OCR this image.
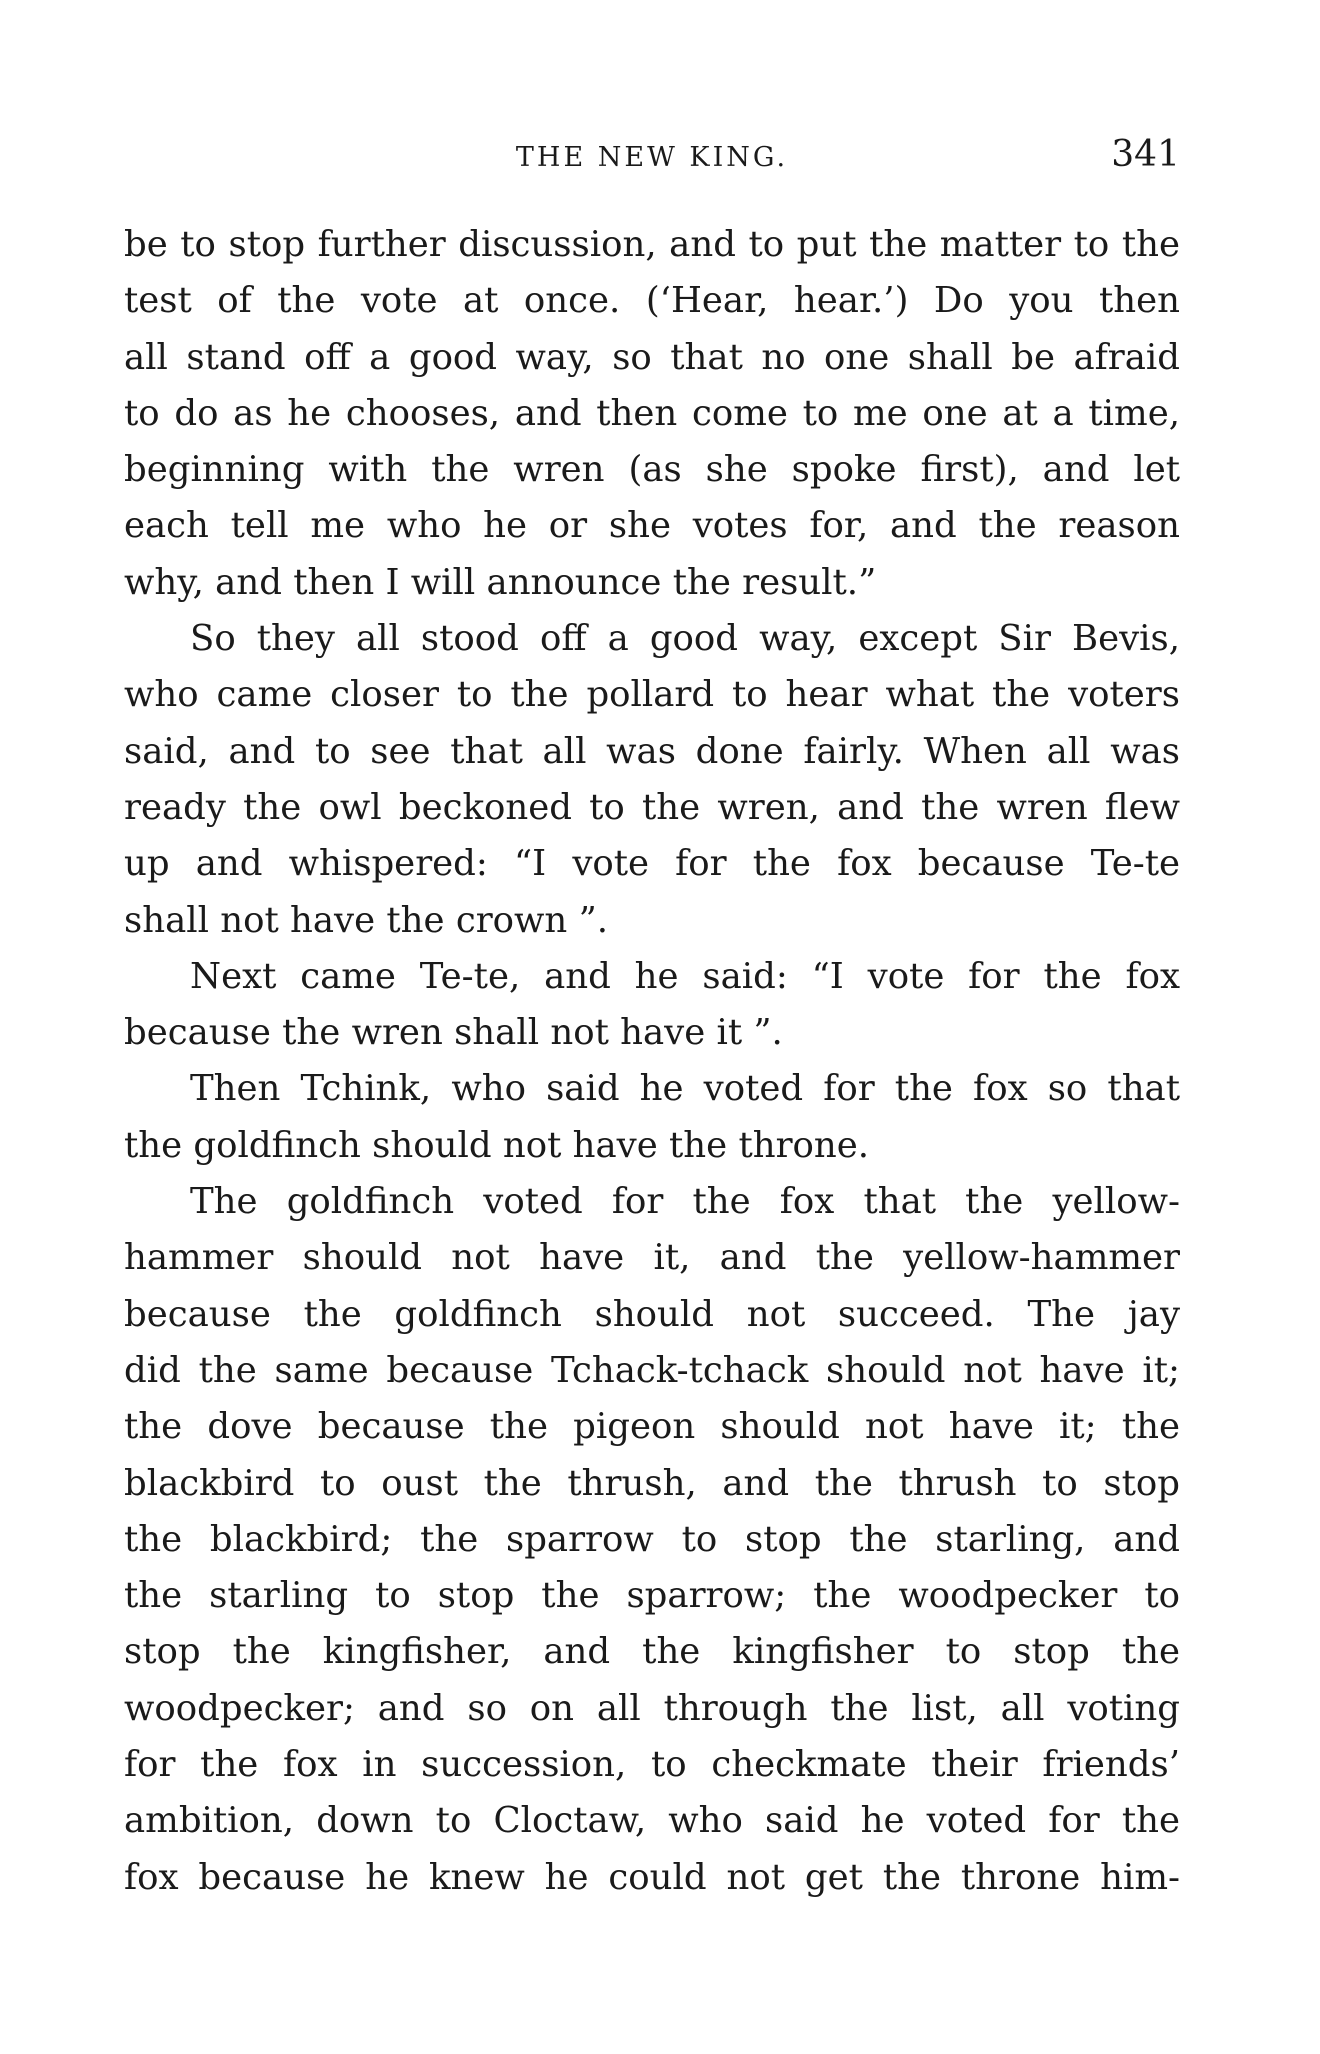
THE NEW KING.	341
be to stop further discussion, and to put the matter to the
test of the vote at once. (‘Hear, hear.’) Do you then
all stand off a good way, so that no one shall be afraid
to do as he chooses, and then come to me one at a time,
beginning with the wren (as she spoke first), and let
each tell me who he or she votes for, and the reason
why, and then I will announce the result.”
So they all stood off a good way, except Sir Bevis,
who came closer to the pollard to hear what the voters
said, and to see that all was done fairly. When all was
ready the owl beckoned to the wren, and the wren flew
up and whispered: “I vote for the fox because Te-te
shall not have the crown ”.
Next came Te-te, and he said: “I vote for the fox
because the wren shall not have it ”.
Then Tchink, who said he voted for the fox so that
the goldfinch should not have the throne.
The goldfinch voted for the fox that the yellow-
hammer should not have it, and the yellow-hammer
because the goldfinch should not succeed. The jay
did the same because Tchack-tchack should not have it;
the dove because the pigeon should not have it; the
blackbird to oust the thrush, and the thrush to stop
the blackbird; the sparrow to stop the starling, and
the starling to stop the sparrow; the woodpecker to
stop the kingfisher, and the kingfisher to stop the
woodpecker; and so on all through the list, all voting
for the fox in succession, to checkmate their friends’
ambition, down to Cloctaw, who said he voted for the
fox because he knew he could not get the throne him-
